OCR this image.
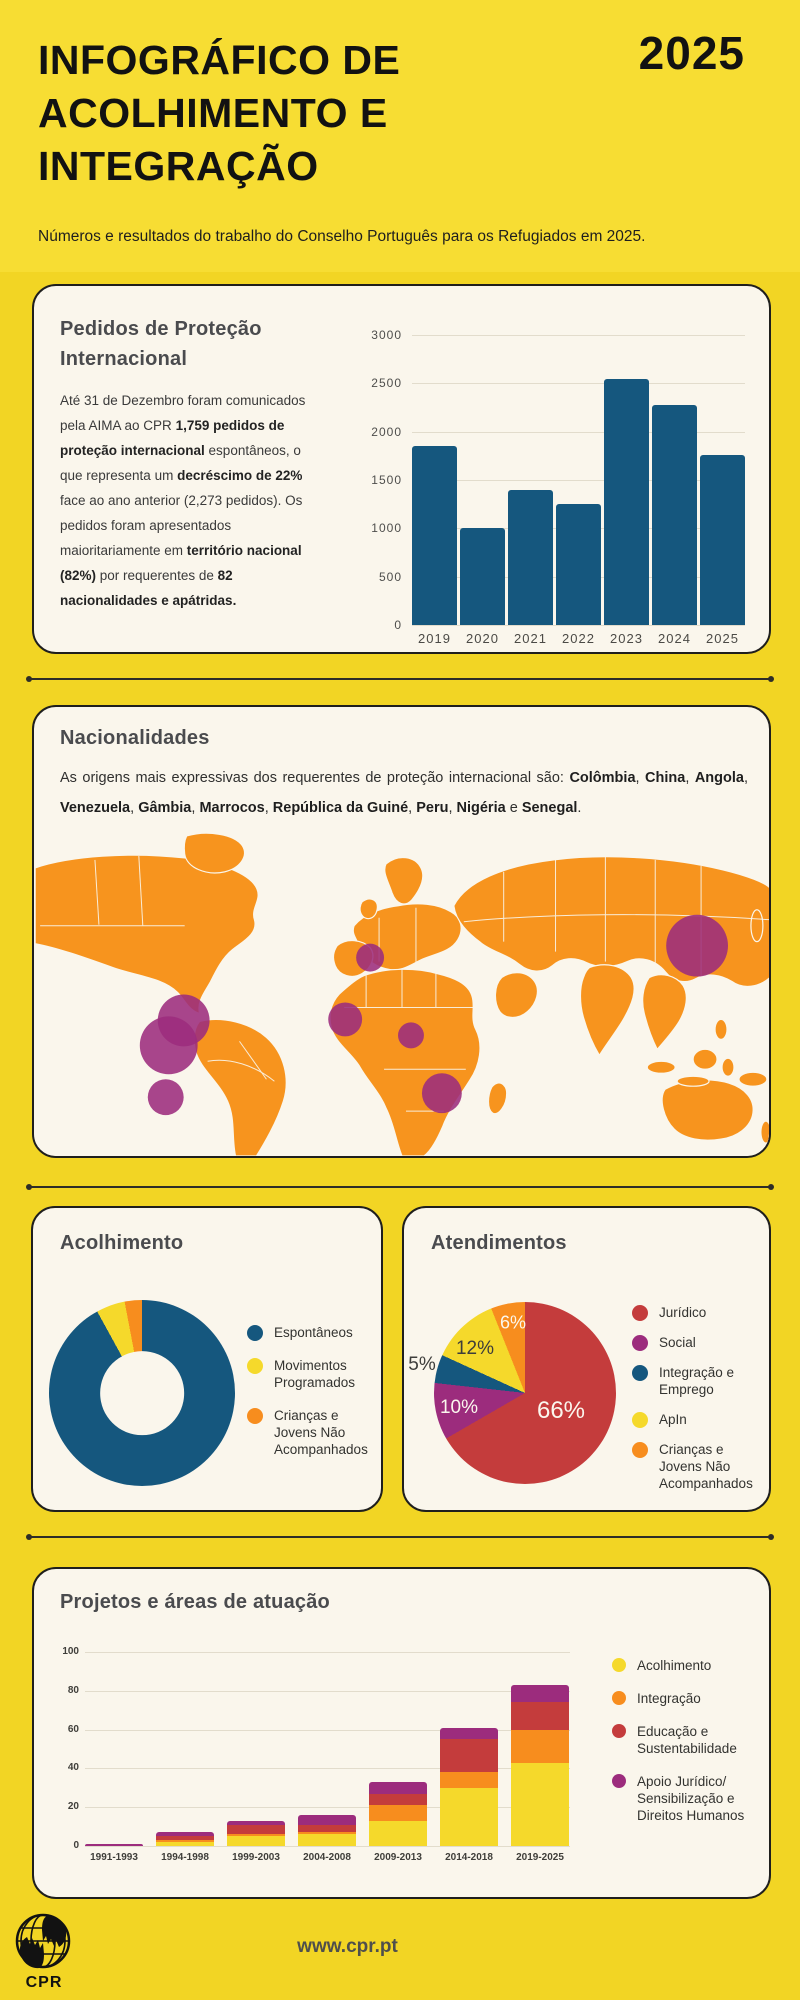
INFOGRÁFICO DE ACOLHIMENTO E INTEGRAÇÃO
2025
Números e resultados do trabalho do Conselho Português para os Refugiados em 2025.
Pedidos de Proteção Internacional
Até 31 de Dezembro foram comunicados pela AIMA ao CPR 1,759 pedidos de proteção internacional espontâneos, o que representa um decréscimo de 22% face ao ano anterior (2,273 pedidos). Os pedidos foram apresentados maioritariamente em território nacional (82%) por requerentes de 82 nacionalidades e apátridas.
0
500
1000
1500
2000
2500
3000
2019	2020	2021	2022	2023	2024	2025
Nacionalidades
As origens mais expressivas dos requerentes de proteção internacional são: Colômbia, China, Angola, Venezuela, Gâmbia, Marrocos, República da Guiné, Peru, Nigéria e Senegal.
Acolhimento
Espontâneos
Movimentos Programados
Crianças e Jovens Não Acompanhados
Atendimentos
66%
10%
5%
12%
6%	Jurídico
Social
Integração e Emprego
ApIn
Crianças e Jovens Não Acompanhados
Projetos e áreas de atuação
0
20
40
60
80
100
1991-1993	1994-1998	1999-2003	2004-2008	2009-2013	2014-2018	2019-2025
Acolhimento
Integração
Educação e Sustentabilidade
Apoio Jurídico/ Sensibilização e Direitos Humanos
CPR
www.cpr.pt
